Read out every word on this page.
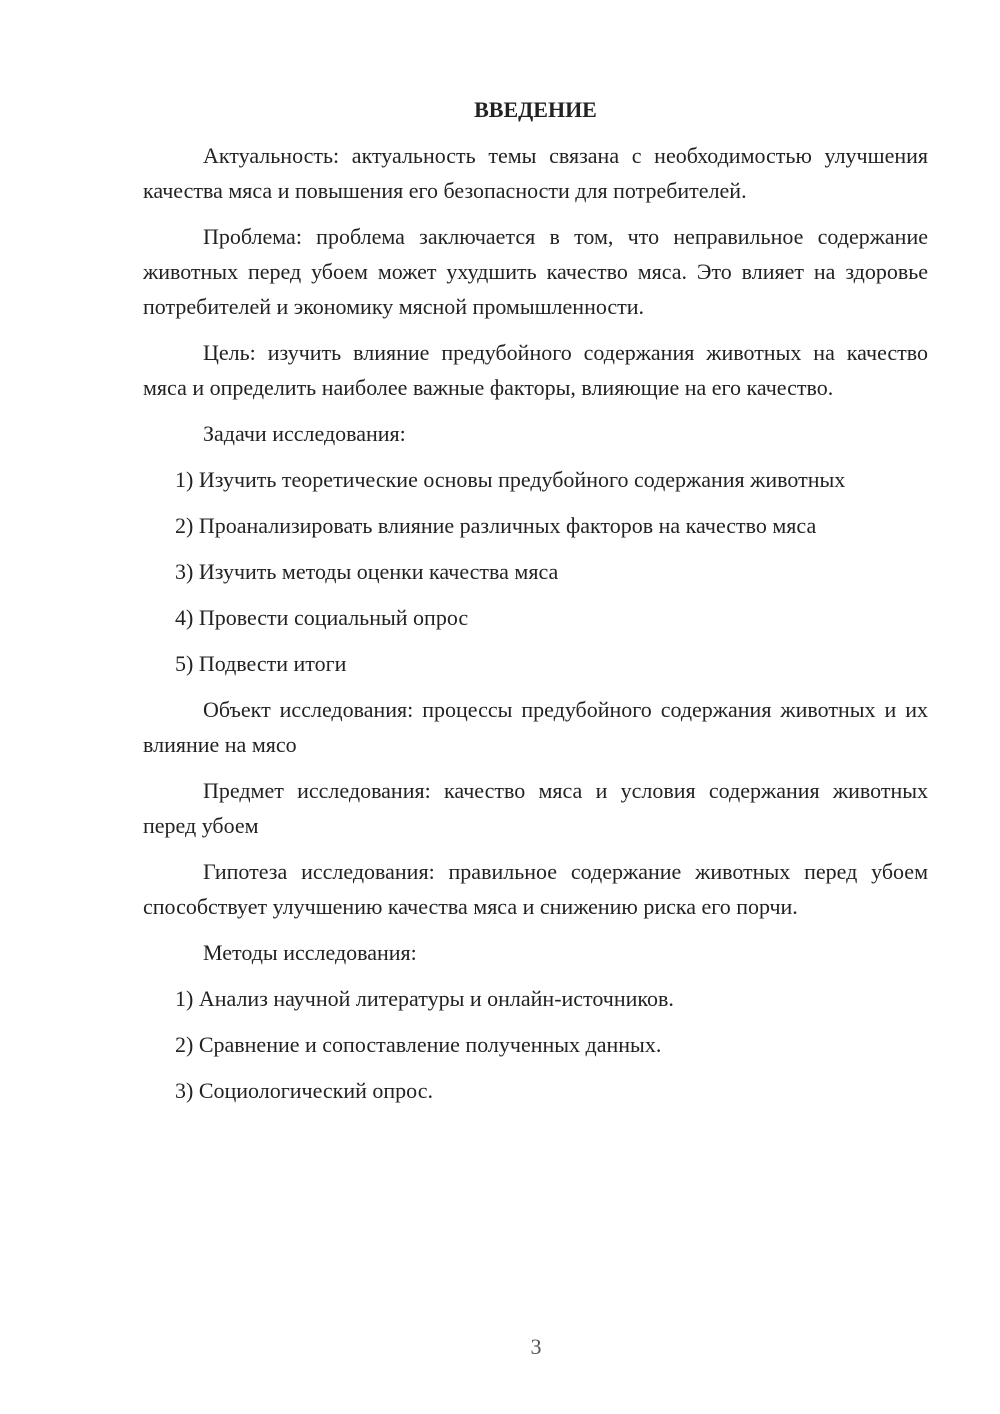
ВВЕДЕНИЕ

Актуальность: актуальность темы связана с необходимостью улучшения качества мяса и повышения его безопасности для потребителей.

Проблема: проблема заключается в том, что неправильное содержание животных перед убоем может ухудшить качество мяса. Это влияет на здоровье потребителей и экономику мясной промышленности.

Цель: изучить влияние предубойного содержания животных на качество мяса и определить наиболее важные факторы, влияющие на его качество.

Задачи исследования:

1) Изучить теоретические основы предубойного содержания животных

2) Проанализировать влияние различных факторов на качество мяса

3) Изучить методы оценки качества мяса

4) Провести социальный опрос

5) Подвести итоги

Объект исследования: процессы предубойного содержания животных и их влияние на мясо

Предмет исследования: качество мяса и условия содержания животных перед убоем

Гипотеза исследования: правильное содержание животных перед убоем способствует улучшению качества мяса и снижению риска его порчи.

Методы исследования:

1) Анализ научной литературы и онлайн-источников.

2) Сравнение и сопоставление полученных данных.

3) Социологический опрос.

3
